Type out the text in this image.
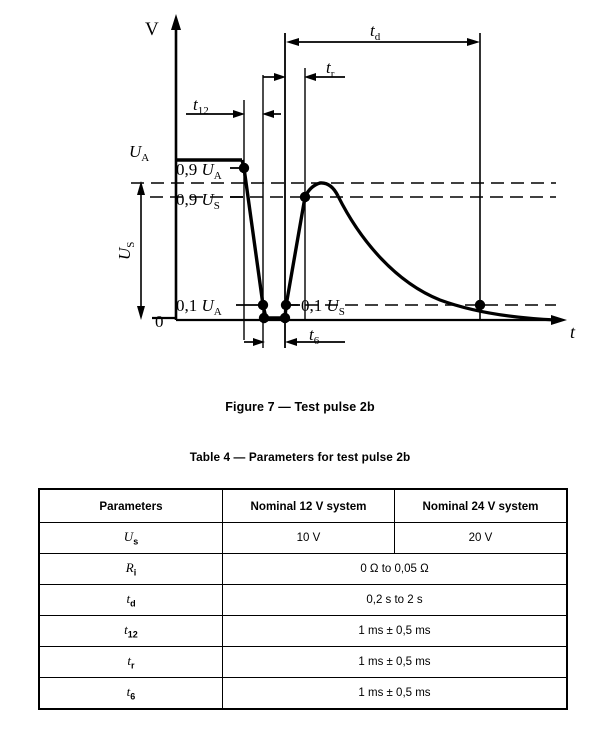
V
t
$U_A$
$U_S$
0,9 $U_A$
0,9 $U_S$
0,1 $U_A$	0,1 $U_S$
0
$t_{12}$
$t_r$
$t_d$
$t_6$
Figure 7 — Test pulse 2b
Table 4 — Parameters for test pulse 2b
Parameters	Nominal 12 V system	Nominal 24 V system
$U_s$	10 V	20 V
$R_i$	0 Ω to 0,05 Ω	
$t_d$	0,2 s to 2 s	
$t_{12}$	1 ms ± 0,5 ms	
$t_r$	1 ms ± 0,5 ms	
$t_6$	1 ms ± 0,5 ms	
